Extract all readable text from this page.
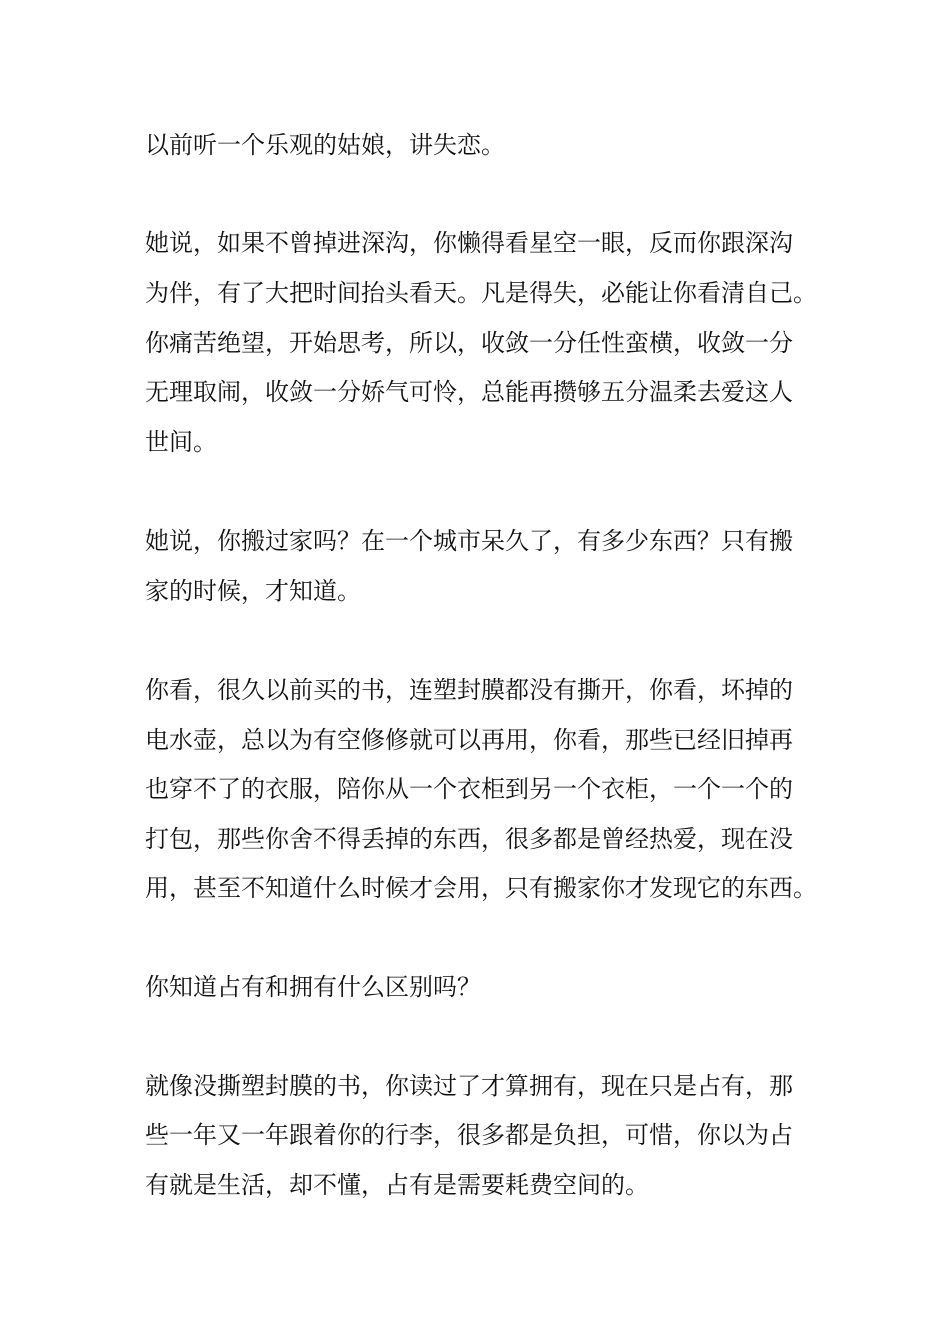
以前听一个乐观的姑娘，讲失恋。

她说，如果不曾掉进深沟，你懒得看星空一眼，反而你跟深沟

为伴，有了大把时间抬头看天。凡是得失，必能让你看清自己。

你痛苦绝望，开始思考，所以，收敛一分任性蛮横，收敛一分

无理取闹，收敛一分娇气可怜，总能再攒够五分温柔去爱这人

世间。

她说，你搬过家吗？在一个城市呆久了，有多少东西？只有搬

家的时候，才知道。

你看，很久以前买的书，连塑封膜都没有撕开，你看，坏掉的

电水壶，总以为有空修修就可以再用，你看，那些已经旧掉再

也穿不了的衣服，陪你从一个衣柜到另一个衣柜，一个一个的

打包，那些你舍不得丢掉的东西，很多都是曾经热爱，现在没

用，甚至不知道什么时候才会用，只有搬家你才发现它的东西。

你知道占有和拥有什么区别吗？

就像没撕塑封膜的书，你读过了才算拥有，现在只是占有，那

些一年又一年跟着你的行李，很多都是负担，可惜，你以为占

有就是生活，却不懂，占有是需要耗费空间的。
